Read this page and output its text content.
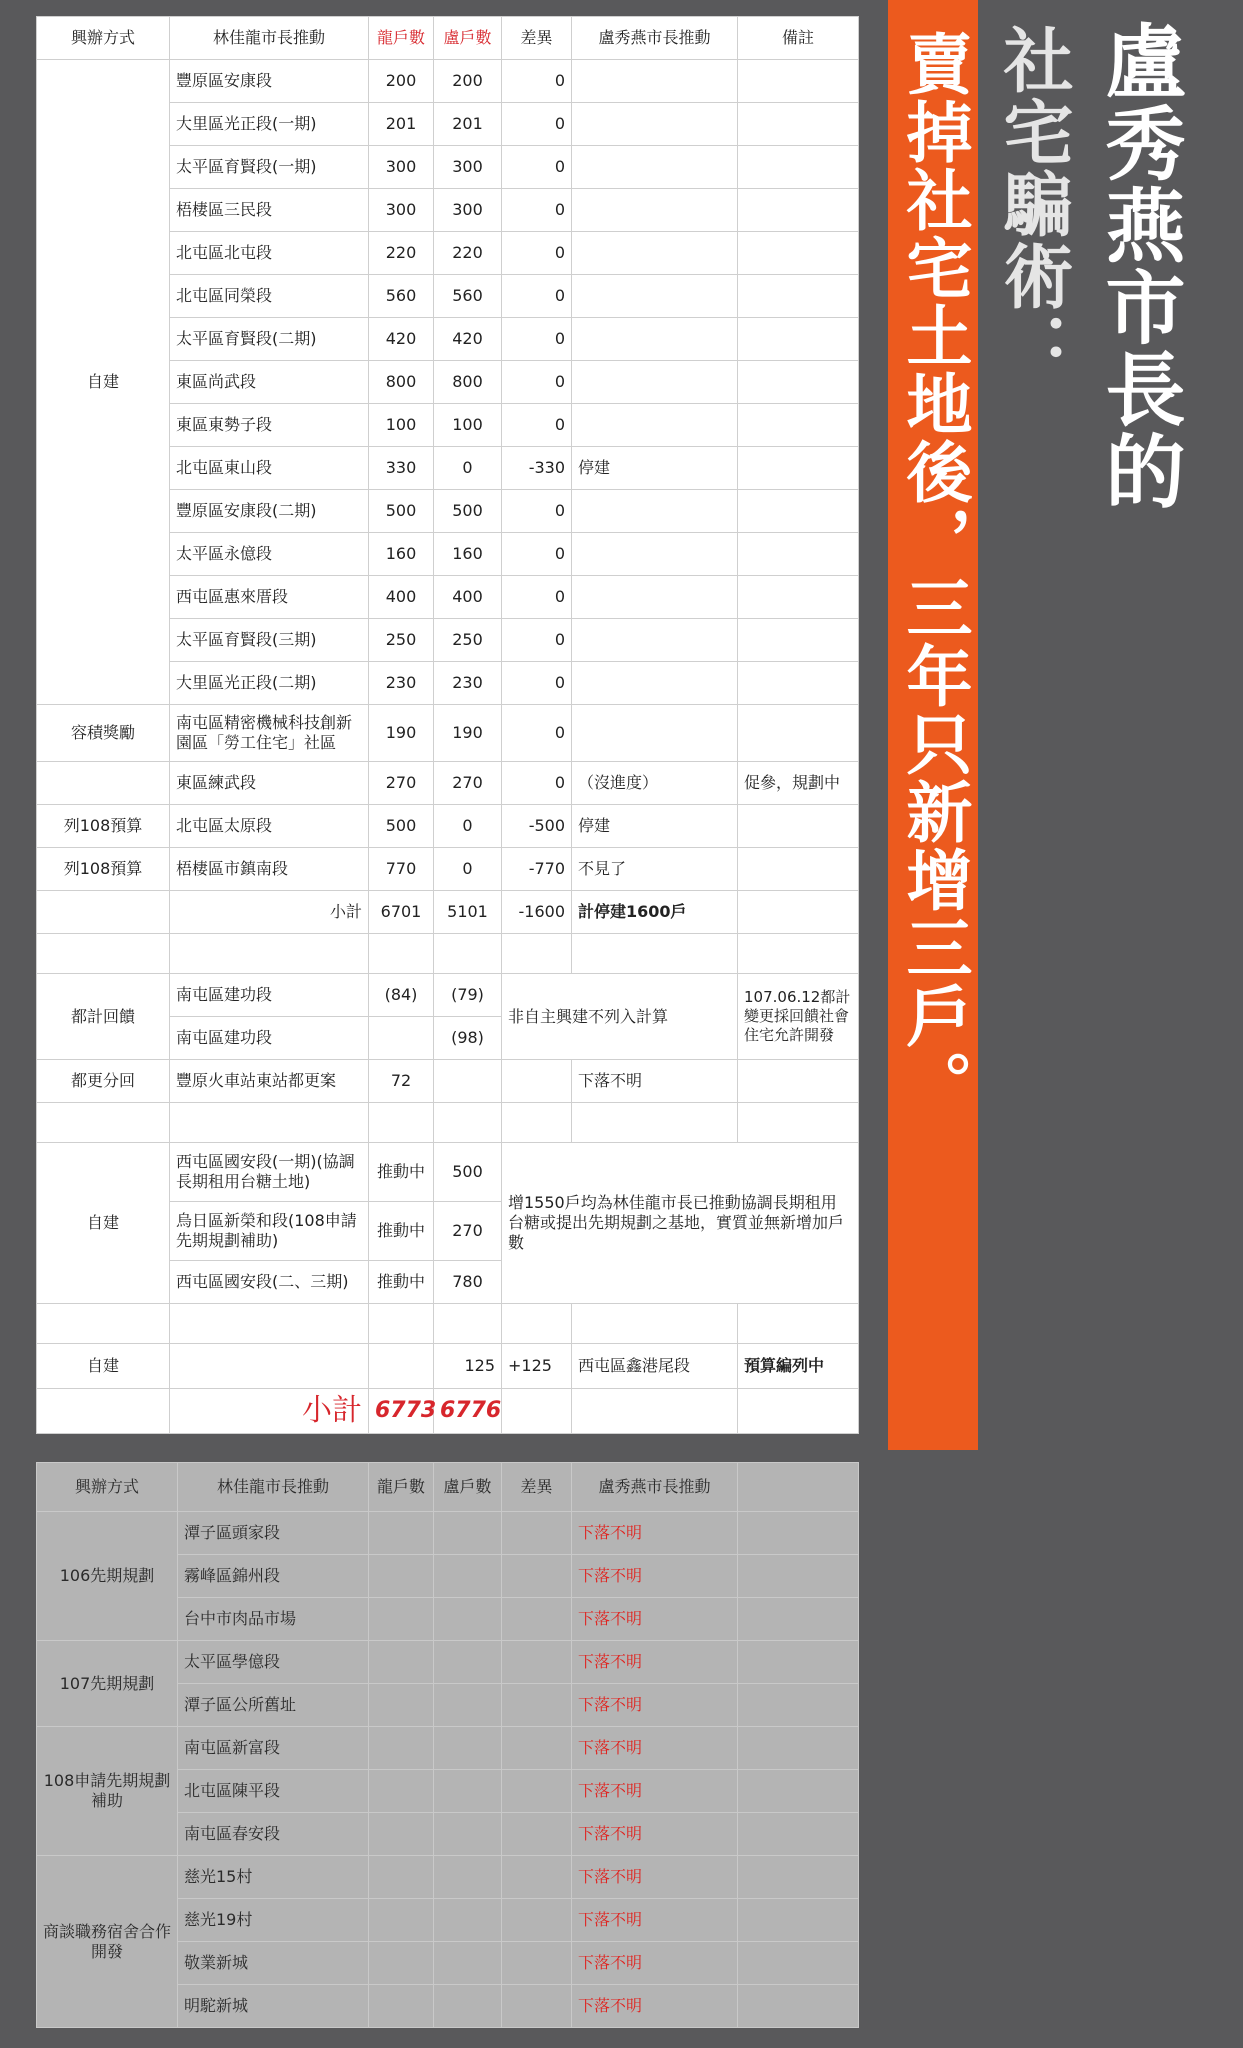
興辦方式	林佳龍市長推動	龍戶數	盧戶數	差異	盧秀燕市長推動	備註
自建	豐原區安康段	200	200	0		
	大里區光正段(一期)	201	201	0		
	太平區育賢段(一期)	300	300	0		
	梧棲區三民段	300	300	0		
	北屯區北屯段	220	220	0		
	北屯區同榮段	560	560	0		
	太平區育賢段(二期)	420	420	0		
	東區尚武段	800	800	0		
	東區東勢子段	100	100	0		
	北屯區東山段	330	0	-330	停建	
	豐原區安康段(二期)	500	500	0		
	太平區永億段	160	160	0		
	西屯區惠來厝段	400	400	0		
	太平區育賢段(三期)	250	250	0		
	大里區光正段(二期)	230	230	0		
容積獎勵	南屯區精密機械科技創新園區「勞工住宅」社區	190	190	0		
	東區練武段	270	270	0	（沒進度）	促參，規劃中
列108預算	北屯區太原段	500	0	-500	停建	
列108預算	梧棲區市鎮南段	770	0	-770	不見了	
	小計	6701	5101	-1600	計停建1600戶	

都計回饋	南屯區建功段	(84)	(79)	非自主興建不列入計算		107.06.12都計變更採回饋社會住宅允許開發
	南屯區建功段		(98)			
都更分回	豐原火車站東站都更案	72			下落不明	

自建	西屯區國安段(一期)(協調長期租用台糖土地)	推動中	500	增1550戶均為林佳龍市長已推動協調長期租用台糖或提出先期規劃之基地，實質並無新增加戶數		
	烏日區新榮和段(108申請先期規劃補助)	推動中	270			
	西屯區國安段(二、三期)	推動中	780			

自建			125	+125	西屯區鑫港尾段	預算編列中
	小計	6773	6776			
興辦方式	林佳龍市長推動	龍戶數	盧戶數	差異	盧秀燕市長推動	
106先期規劃	潭子區頭家段				下落不明	
	霧峰區錦州段				下落不明	
	台中市肉品市場				下落不明	
107先期規劃	太平區學億段				下落不明	
	潭子區公所舊址				下落不明	
108申請先期規劃補助	南屯區新富段				下落不明	
	北屯區陳平段				下落不明	
	南屯區春安段				下落不明	
商談職務宿舍合作開發	慈光15村				下落不明	
	慈光19村				下落不明	
	敬業新城				下落不明	
	明駝新城				下落不明	
賣掉社宅土地後，三年只新增三戶。 社宅騙術： 盧秀燕市長的
